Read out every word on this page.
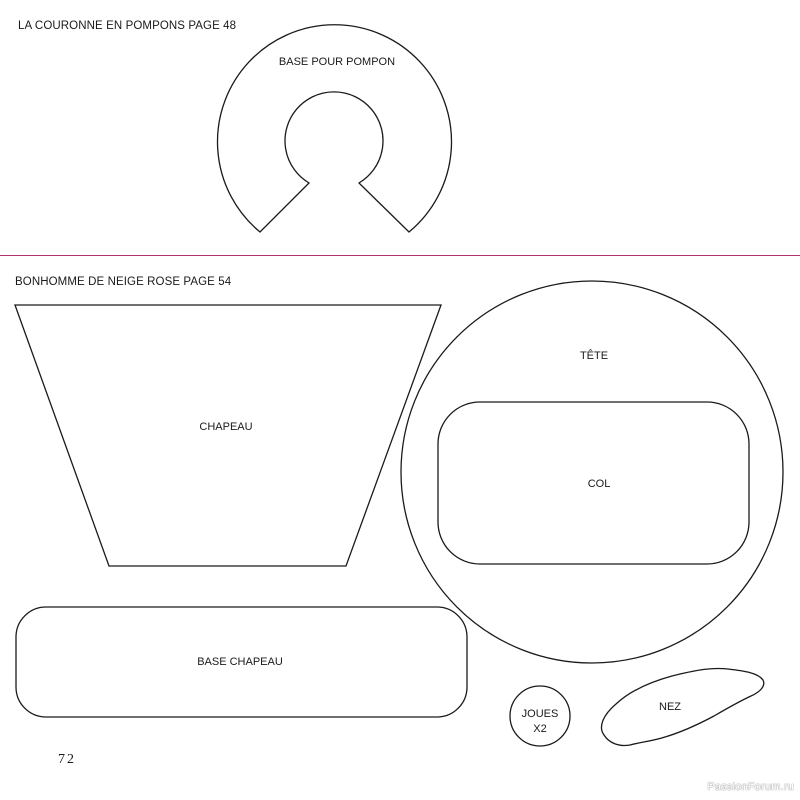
LA COURONNE EN POMPONS PAGE 48
BONHOMME DE NEIGE ROSE PAGE 54
BASE POUR POMPON
CHAPEAU
TÊTE
COL
BASE CHAPEAU
JOUES
X2
NEZ
72
PassionForum.ru
